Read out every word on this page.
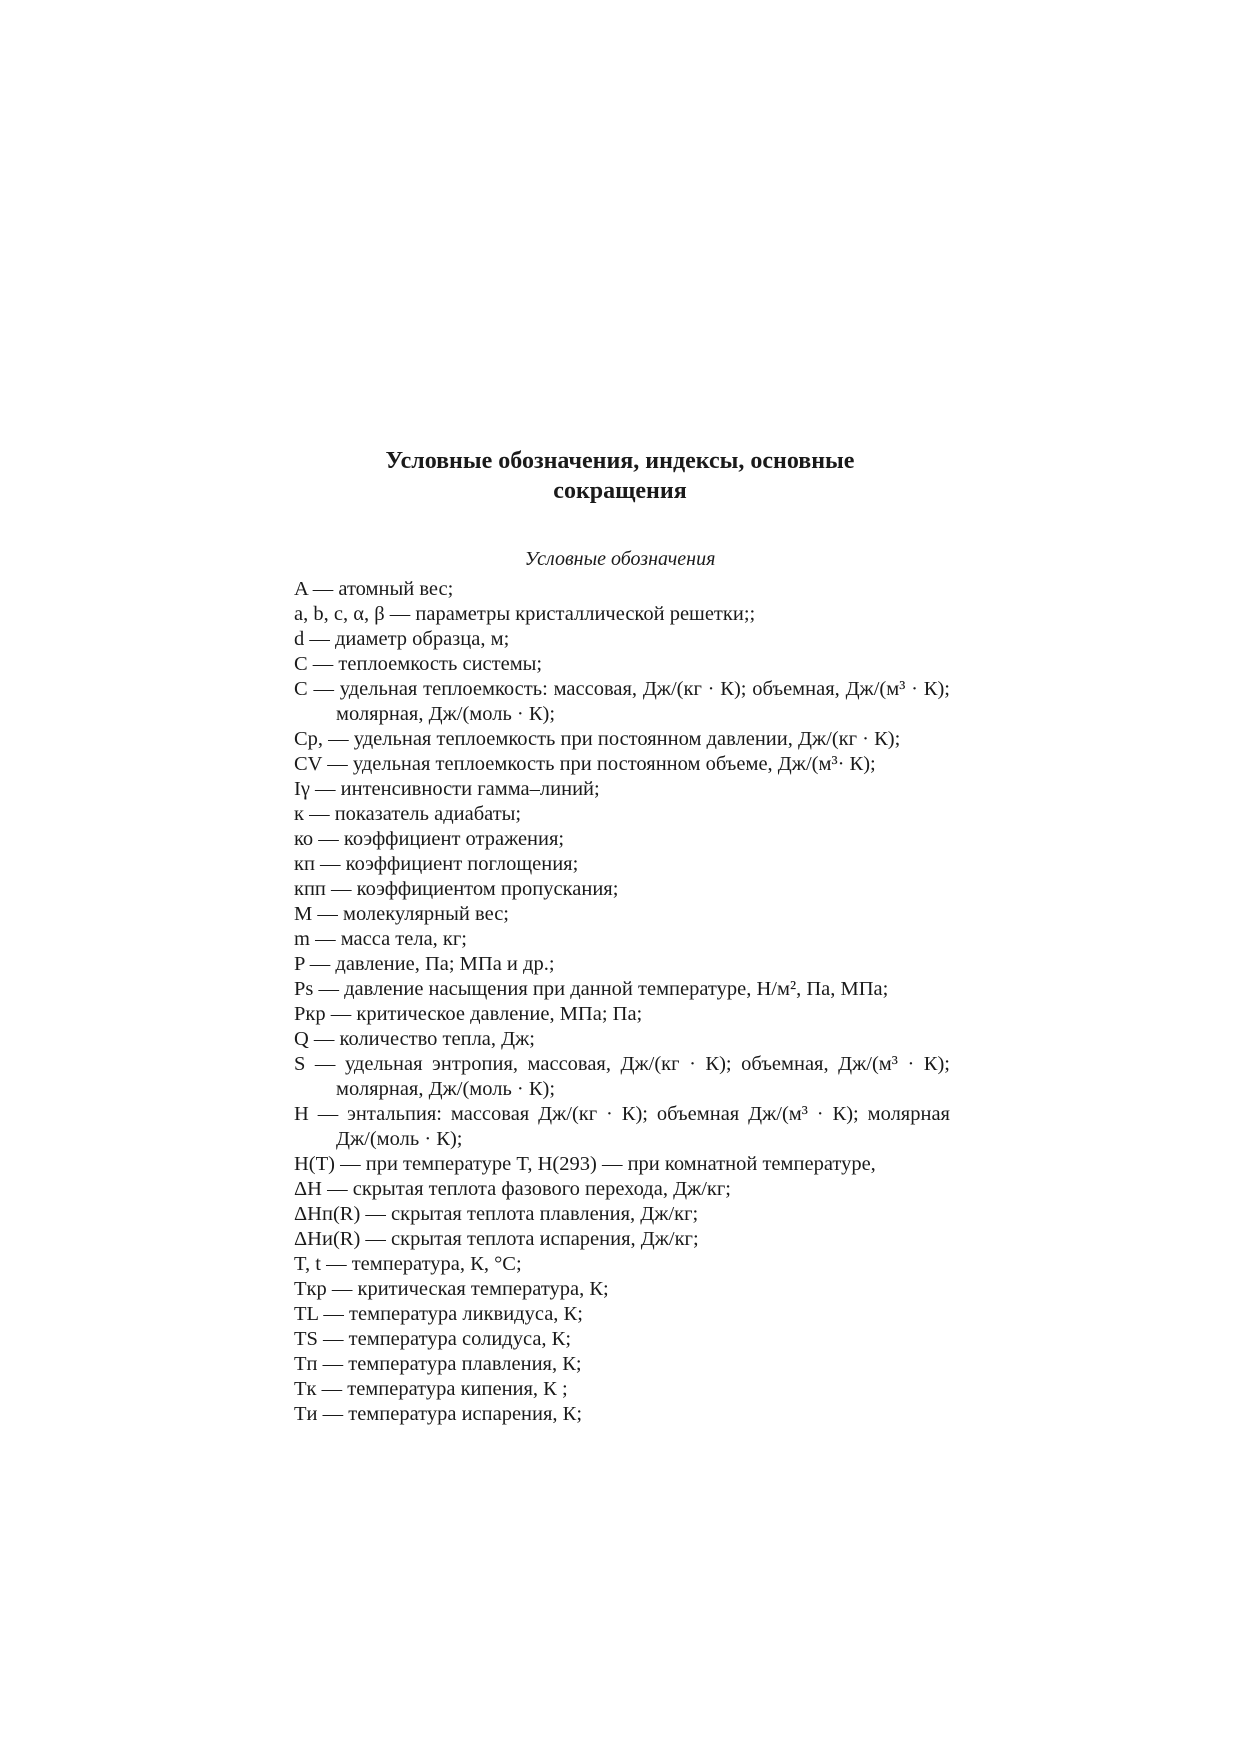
Условные обозначения, индексы, основные
сокращения
Условные обозначения
A — атомный вес;
a, b, c, α, β — параметры кристаллической решетки;;
d — диаметр образца, м;
C — теплоемкость системы;
C — удельная теплоемкость: массовая, Дж/(кг · К); объемная, Дж/(м³ · К); молярная, Дж/(моль · К);
Cp, — удельная теплоемкость при постоянном давлении, Дж/(кг · К);
CV — удельная теплоемкость при постоянном объеме, Дж/(м³· К);
Iγ — интенсивности гамма–линий;
к — показатель адиабаты;
ко — коэффициент отражения;
кп — коэффициент поглощения;
кпп — коэффициентом пропускания;
M — молекулярный вес;
m — масса тела, кг;
P — давление, Па; МПа и др.;
Ps — давление насыщения при данной температуре, Н/м², Па, МПа;
Pкр — критическое давление, МПа; Па;
Q — количество тепла, Дж;
S — удельная энтропия, массовая, Дж/(кг · К); объемная, Дж/(м³ · К); молярная, Дж/(моль · К);
H — энтальпия: массовая Дж/(кг · К); объемная Дж/(м³ · К); молярная Дж/(моль · К);
H(T) — при температуре T, H(293) — при комнатной температуре,
ΔH — скрытая теплота фазового перехода, Дж/кг;
ΔHп(R) — скрытая теплота плавления, Дж/кг;
ΔHи(R) — скрытая теплота испарения, Дж/кг;
T, t — температура, К, °С;
Tкр — критическая температура, К;
TL — температура ликвидуса, К;
TS — температура солидуса, К;
Tп — температура плавления, К;
Tк — температура кипения, К ;
Tи — температура испарения, К;
